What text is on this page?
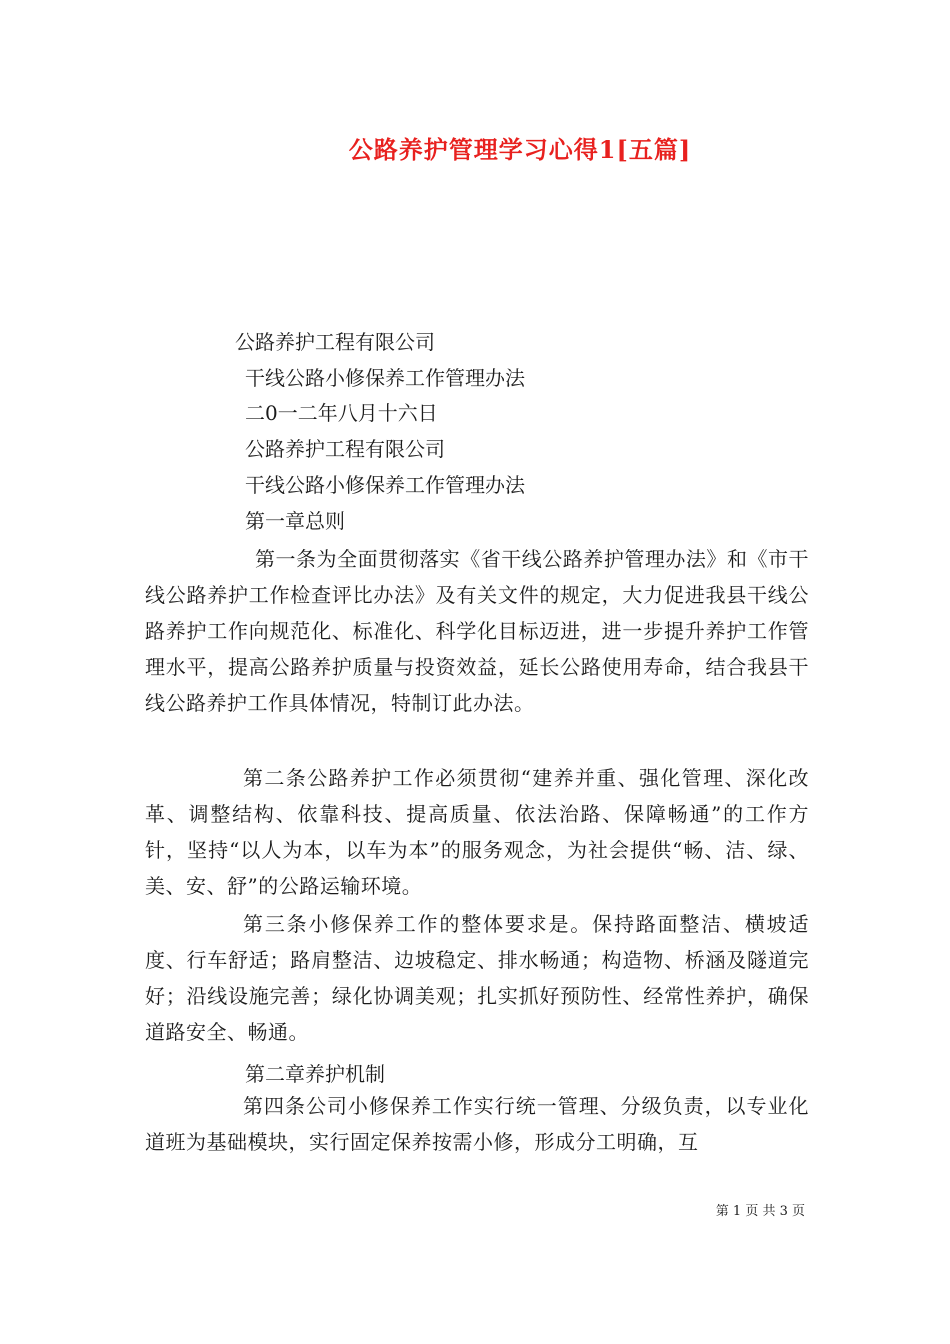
公路养护管理学习心得1[五篇]
公路养护工程有限公司
干线公路小修保养工作管理办法
二0一二年八月十六日
公路养护工程有限公司
干线公路小修保养工作管理办法
第一章总则
第一条为全面贯彻落实《省干线公路养护管理办法》和《市干线公路养护工作检查评比办法》及有关文件的规定，大力促进我县干线公路养护工作向规范化、标准化、科学化目标迈进，进一步提升养护工作管理水平，提高公路养护质量与投资效益，延长公路使用寿命，结合我县干线公路养护工作具体情况，特制订此办法。
第二条公路养护工作必须贯彻“建养并重、强化管理、深化改革、调整结构、依靠科技、提高质量、依法治路、保障畅通”的工作方针，坚持“以人为本，以车为本”的服务观念，为社会提供“畅、洁、绿、美、安、舒”的公路运输环境。
第三条小修保养工作的整体要求是。保持路面整洁、横坡适度、行车舒适；路肩整洁、边坡稳定、排水畅通；构造物、桥涵及隧道完好；沿线设施完善；绿化协调美观；扎实抓好预防性、经常性养护，确保道路安全、畅通。
第二章养护机制
第四条公司小修保养工作实行统一管理、分级负责，以专业化道班为基础模块，实行固定保养按需小修，形成分工明确，互
第 1 页 共 3 页
